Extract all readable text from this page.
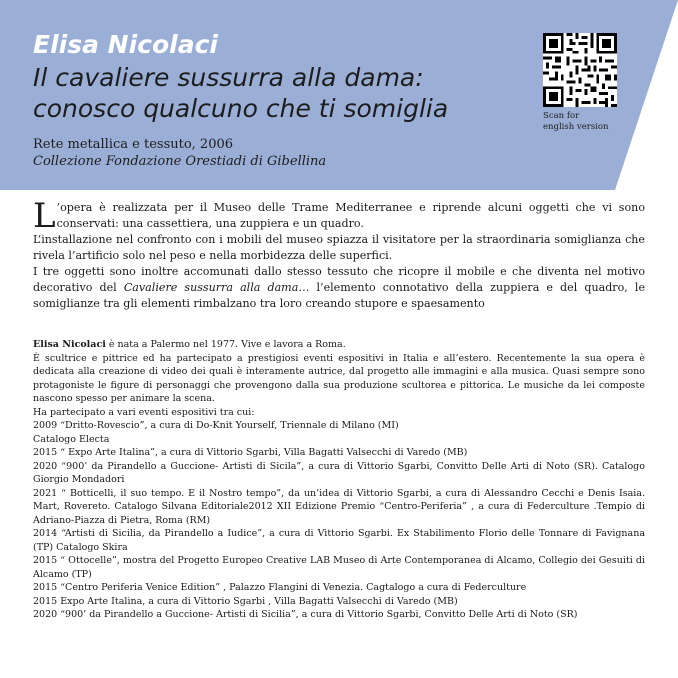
Elisa Nicolaci
Il cavaliere sussurra alla dama:
conosco qualcuno che ti somiglia
Rete metallica e tessuto, 2006
Collezione Fondazione Orestiadi di Gibellina
Scan for
english version

L ’opera è realizzata per il Museo delle Trame Mediterranee e riprende alcuni oggetti che vi sono conservati: una cassettiera, una zuppiera e un quadro.

L’installazione nel confronto con i mobili del museo spiazza il visitatore per la straordinaria somiglianza che rivela l’artificio solo nel peso e nella morbidezza delle superfici.

I tre oggetti sono inoltre accomunati dallo stesso tessuto che ricopre il mobile e che diventa nel motivo decorativo del Cavaliere sussurra alla dama… l’elemento connotativo della zuppiera e del quadro, le somiglianze tra gli elementi rimbalzano tra loro creando stupore e spaesamento

Elisa Nicolaci è nata a Palermo nel 1977. Vive e lavora a Roma.

È scultrice e pittrice ed ha partecipato a prestigiosi eventi espositivi in Italia e all’estero. Recentemente la sua opera è dedicata alla creazione di video dei quali è interamente autrice, dal progetto alle immagini e alla musica. Quasi sempre sono protagoniste le figure di personaggi che provengono dalla sua produzione scultorea e pittorica. Le musiche da lei composte nascono spesso per animare la scena.

Ha partecipato a vari eventi espositivi tra cui:

2009 “Dritto-Rovescio”, a cura di Do-Knit Yourself, Triennale di Milano (MI)
Catalogo Electa
2015 “ Expo Arte Italina”, a cura di Vittorio Sgarbi, Villa Bagatti Valsecchi di Varedo (MB)
2020 “900’ da Pirandello a Guccione- Artisti di Sicila”, a cura di Vittorio Sgarbi, Convitto Delle Arti di Noto (SR). Catalogo Giorgio Mondadori
2021 “ Botticelli, il suo tempo. E il Nostro tempo”, da un’idea di Vittorio Sgarbi, a cura di Alessandro Cecchi e Denis Isaia. Mart, Rovereto. Catalogo Silvana Editoriale2012 XII Edizione Premio “Centro-Periferia” , a cura di Federculture .Tempio di Adriano-Piazza di Pietra, Roma (RM)
2014 “Artisti di Sicilia, da Pirandello a Iudice”, a cura di Vittorio Sgarbi. Ex Stabilimento Florio delle Tonnare di Favignana (TP) Catalogo Skira
2015 “ Ottocelle”, mostra del Progetto Europeo Creative LAB Museo di Arte Contemporanea di Alcamo, Collegio dei Gesuiti di Alcamo (TP)
2015 “Centro Periferia Venice Edition” , Palazzo Flangini di Venezia. Cagtalogo a cura di Federculture
2015 Expo Arte Italina, a cura di Vittorio Sgarbi , Villa Bagatti Valsecchi di Varedo (MB)
2020 “900’ da Pirandello a Guccione- Artisti di Sicilia”, a cura di Vittorio Sgarbi, Convitto Delle Arti di Noto (SR)
